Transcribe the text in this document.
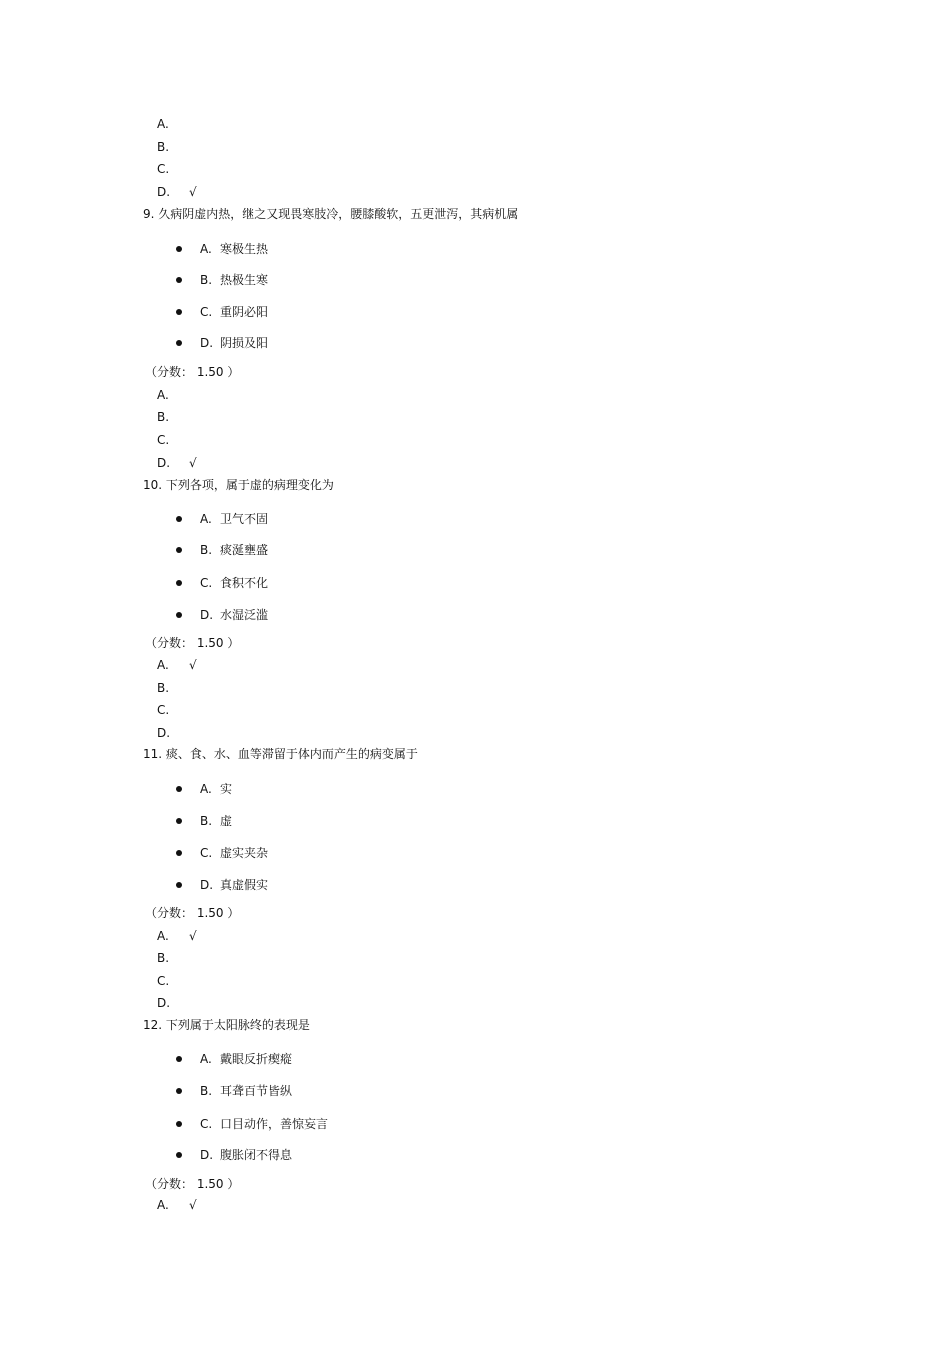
A.
B.
C.
D. √
9. 久病阴虚内热，继之又现畏寒肢冷，腰膝酸软，五更泄泻，其病机属
A. 寒极生热
B. 热极生寒
C. 重阴必阳
D. 阴损及阳
（分数： 1.50 ）
A.
B.
C.
D. √
10. 下列各项，属于虚的病理变化为
A. 卫气不固
B. 痰涎壅盛
C. 食积不化
D. 水湿泛滥
（分数： 1.50 ）
A. √
B.
C.
D.
11. 痰、食、水、血等滞留于体内而产生的病变属于
A. 实
B. 虚
C. 虚实夹杂
D. 真虚假实
（分数： 1.50 ）
A. √
B.
C.
D.
12. 下列属于太阳脉终的表现是
A. 戴眼反折瘈瘲
B. 耳聋百节皆纵
C. 口目动作，善惊妄言
D. 腹胀闭不得息
（分数： 1.50 ）
A. √
